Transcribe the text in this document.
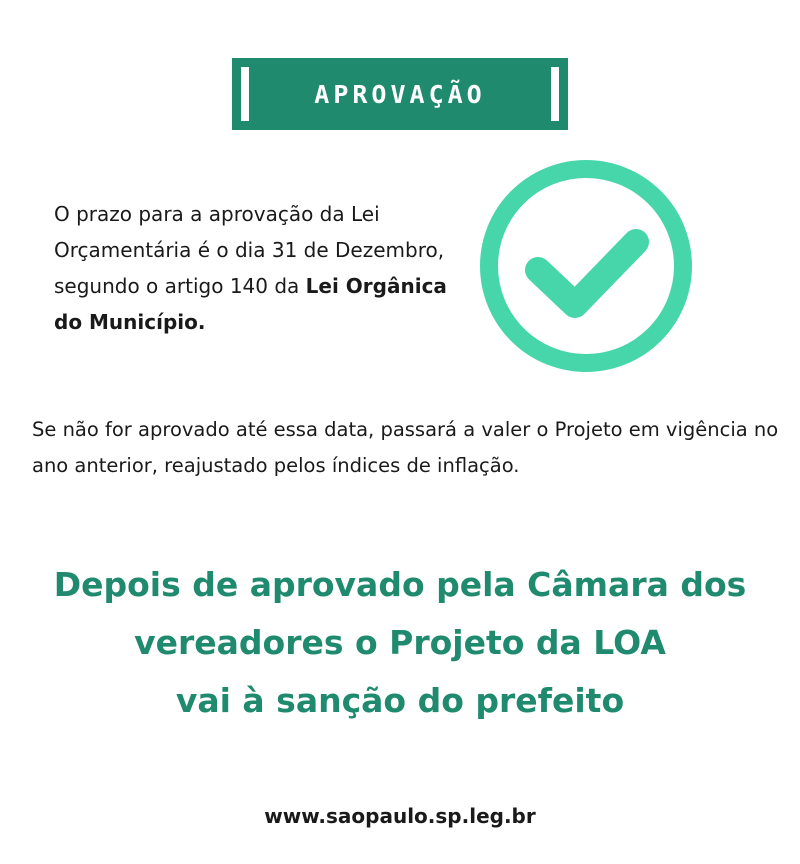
APROVAÇÃO
O prazo para a aprovação da Lei Orçamentária é o dia 31 de Dezembro, segundo o artigo 140 da Lei Orgânica do Município.
Se não for aprovado até essa data, passará a valer o Projeto em vigência no ano anterior, reajustado pelos índices de inflação.
Depois de aprovado pela Câmara dos
vereadores o Projeto da LOA
vai à sanção do prefeito
www.saopaulo.sp.leg.br
